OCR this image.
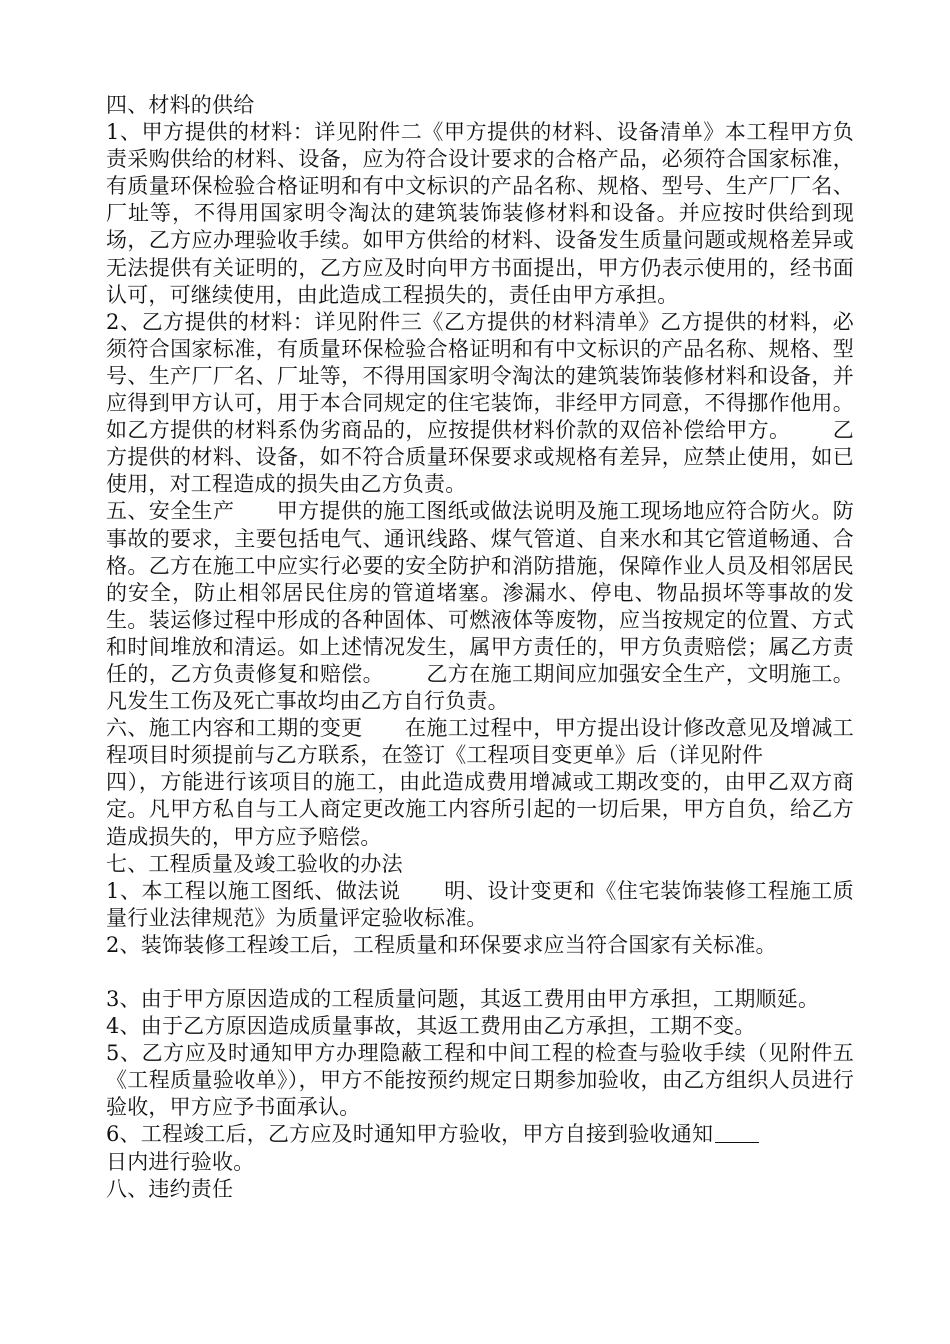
四、材料的供给

1、甲方提供的材料：详见附件二《甲方提供的材料、设备清单》本工程甲方负责采购供给的材料、设备，应为符合设计要求的合格产品，必须符合国家标准，有质量环保检验合格证明和有中文标识的产品名称、规格、型号、生产厂厂名、厂址等，不得用国家明令淘汰的建筑装饰装修材料和设备。并应按时供给到现场，乙方应办理验收手续。如甲方供给的材料、设备发生质量问题或规格差异或无法提供有关证明的，乙方应及时向甲方书面提出，甲方仍表示使用的，经书面认可，可继续使用，由此造成工程损失的，责任由甲方承担。

2、乙方提供的材料：详见附件三《乙方提供的材料清单》乙方提供的材料，必须符合国家标准，有质量环保检验合格证明和有中文标识的产品名称、规格、型号、生产厂厂名、厂址等，不得用国家明令淘汰的建筑装饰装修材料和设备，并应得到甲方认可，用于本合同规定的住宅装饰，非经甲方同意，不得挪作他用。如乙方提供的材料系伪劣商品的，应按提供材料价款的双倍补偿给甲方。      乙方提供的材料、设备，如不符合质量环保要求或规格有差异，应禁止使用，如已使用，对工程造成的损失由乙方负责。

五、安全生产      甲方提供的施工图纸或做法说明及施工现场地应符合防火。防事故的要求，主要包括电气、通讯线路、煤气管道、自来水和其它管道畅通、合格。乙方在施工中应实行必要的安全防护和消防措施，保障作业人员及相邻居民的安全，防止相邻居民住房的管道堵塞。渗漏水、停电、物品损坏等事故的发生。装运修过程中形成的各种固体、可燃液体等废物，应当按规定的位置、方式和时间堆放和清运。如上述情况发生，属甲方责任的，甲方负责赔偿；属乙方责任的，乙方负责修复和赔偿。      乙方在施工期间应加强安全生产，文明施工。凡发生工伤及死亡事故均由乙方自行负责。

六、施工内容和工期的变更      在施工过程中，甲方提出设计修改意见及增减工程项目时须提前与乙方联系，在签订《工程项目变更单》后（详见附件

四），方能进行该项目的施工，由此造成费用增减或工期改变的，由甲乙双方商定。凡甲方私自与工人商定更改施工内容所引起的一切后果，甲方自负，给乙方造成损失的，甲方应予赔偿。

七、工程质量及竣工验收的办法

1、本工程以施工图纸、做法说      明、设计变更和《住宅装饰装修工程施工质量行业法律规范》为质量评定验收标准。

2、装饰装修工程竣工后，工程质量和环保要求应当符合国家有关标准。

3、由于甲方原因造成的工程质量问题，其返工费用由甲方承担，工期顺延。

4、由于乙方原因造成质量事故，其返工费用由乙方承担，工期不变。

5、乙方应及时通知甲方办理隐蔽工程和中间工程的检查与验收手续（见附件五《工程质量验收单》），甲方不能按预约规定日期参加验收，由乙方组织人员进行验收，甲方应予书面承认。

6、工程竣工后，乙方应及时通知甲方验收，甲方自接到验收通知

日内进行验收。

八、违约责任
